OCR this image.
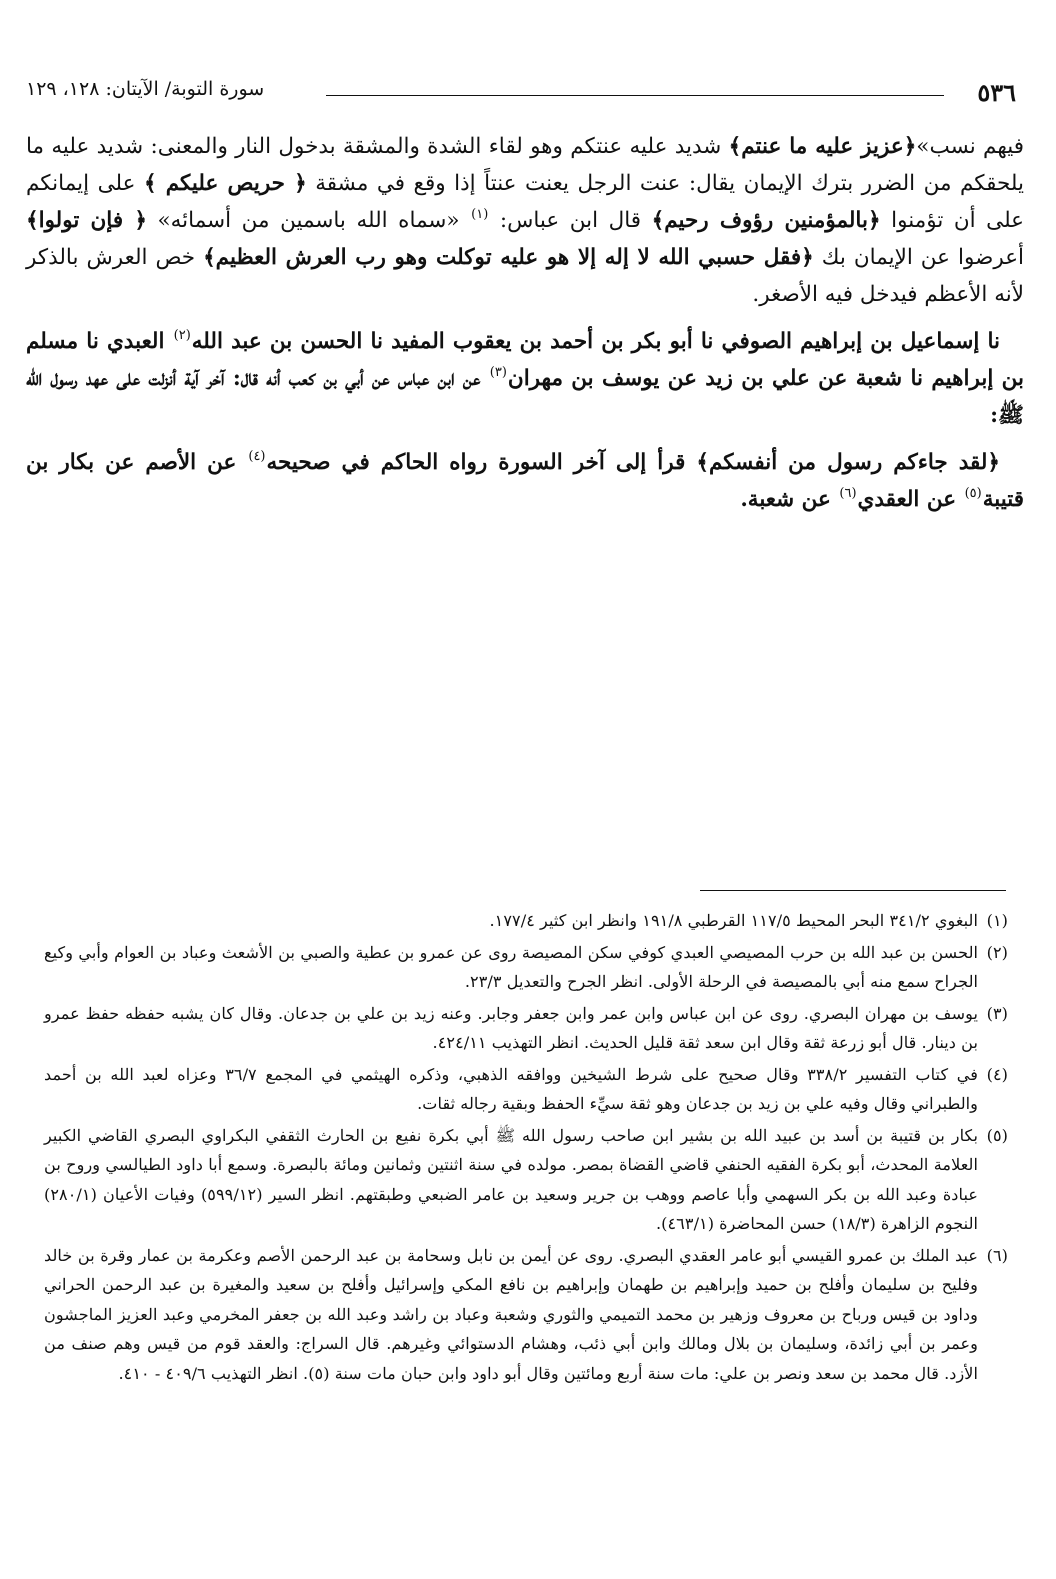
٥٣٦
سورة التوبة/ الآيتان: ١٢٨، ١٢٩

فيهم نسب»﴿عزيز عليه ما عنتم﴾ شديد عليه عنتكم وهو لقاء الشدة والمشقة بدخول النار والمعنى: شديد عليه ما يلحقكم من الضرر بترك الإيمان يقال: عنت الرجل يعنت عنتاً إذا وقع في مشقة ﴿ حريص عليكم ﴾ على إيمانكم على أن تؤمنوا ﴿بالمؤمنين رؤوف رحيم﴾ قال ابن عباس: $^{(١)}$ «سماه الله باسمين من أسمائه» ﴿ فإن تولوا﴾ أعرضوا عن الإيمان بك ﴿فقل حسبي الله لا إله إلا هو عليه توكلت وهو رب العرش العظيم﴾ خص العرش بالذكر لأنه الأعظم فيدخل فيه الأصغر.

نا إسماعيل بن إبراهيم الصوفي نا أبو بكر بن أحمد بن يعقوب المفيد نا الحسن بن عبد الله$^{(٢)}$ العبدي نا مسلم بن إبراهيم نا شعبة عن علي بن زيد عن يوسف بن مهران$^{(٣)}$ عن ابن عباس عن أبي بن كعب أنه قال: آخر آية أنزلت على عهد رسول الله ﷺ:

﴿لقد جاءكم رسول من أنفسكم﴾ قرأ إلى آخر السورة رواه الحاكم في صحيحه$^{(٤)}$ عن الأصم عن بكار بن قتيبة$^{(٥)}$ عن العقدي$^{(٦)}$ عن شعبة.

(١)البغوي ٣٤١/٢ البحر المحيط ١١٧/٥ القرطبي ١٩١/٨ وانظر ابن كثير ١٧٧/٤.
(٢)الحسن بن عبد الله بن حرب المصيصي العبدي كوفي سكن المصيصة روى عن عمرو بن عطية والصبي بن الأشعث وعباد بن العوام وأبي وكيع الجراح سمع منه أبي بالمصيصة في الرحلة الأولى. انظر الجرح والتعديل ٢٣/٣.
(٣)يوسف بن مهران البصري. روى عن ابن عباس وابن عمر وابن جعفر وجابر. وعنه زيد بن علي بن جدعان. وقال كان يشبه حفظه حفظ عمرو بن دينار. قال أبو زرعة ثقة وقال ابن سعد ثقة قليل الحديث. انظر التهذيب ٤٢٤/١١.
(٤)في كتاب التفسير ٣٣٨/٢ وقال صحيح على شرط الشيخين ووافقه الذهبي، وذكره الهيثمي في المجمع ٣٦/٧ وعزاه لعبد الله بن أحمد والطبراني وقال وفيه علي بن زيد بن جدعان وهو ثقة سيِّء الحفظ وبقية رجاله ثقات.
(٥)بكار بن قتيبة بن أسد بن عبيد الله بن بشير ابن صاحب رسول الله ﷺ أبي بكرة نفيع بن الحارث الثقفي البكراوي البصري القاضي الكبير العلامة المحدث، أبو بكرة الفقيه الحنفي قاضي القضاة بمصر. مولده في سنة اثنتين وثمانين ومائة بالبصرة. وسمع أبا داود الطيالسي وروح بن عبادة وعبد الله بن بكر السهمي وأبا عاصم ووهب بن جرير وسعيد بن عامر الضبعي وطبقتهم. انظر السير (٥٩٩/١٢) وفيات الأعيان (٢٨٠/١) النجوم الزاهرة (١٨/٣) حسن المحاضرة (٤٦٣/١).
(٦)عبد الملك بن عمرو القيسي أبو عامر العقدي البصري. روى عن أيمن بن نابل وسحامة بن عبد الرحمن الأصم وعكرمة بن عمار وقرة بن خالد وفليح بن سليمان وأفلح بن حميد وإبراهيم بن طهمان وإبراهيم بن نافع المكي وإسرائيل وأفلح بن سعيد والمغيرة بن عبد الرحمن الحراني وداود بن قيس ورباح بن معروف وزهير بن محمد التميمي والثوري وشعبة وعباد بن راشد وعبد الله بن جعفر المخرمي وعبد العزيز الماجشون وعمر بن أبي زائدة، وسليمان بن بلال ومالك وابن أبي ذئب، وهشام الدستوائي وغيرهم. قال السراج: والعقد قوم من قيس وهم صنف من الأزد. قال محمد بن سعد ونصر بن علي: مات سنة أربع ومائتين وقال أبو داود وابن حبان مات سنة (٥). انظر التهذيب ٤٠٩/٦ - ٤١٠.
